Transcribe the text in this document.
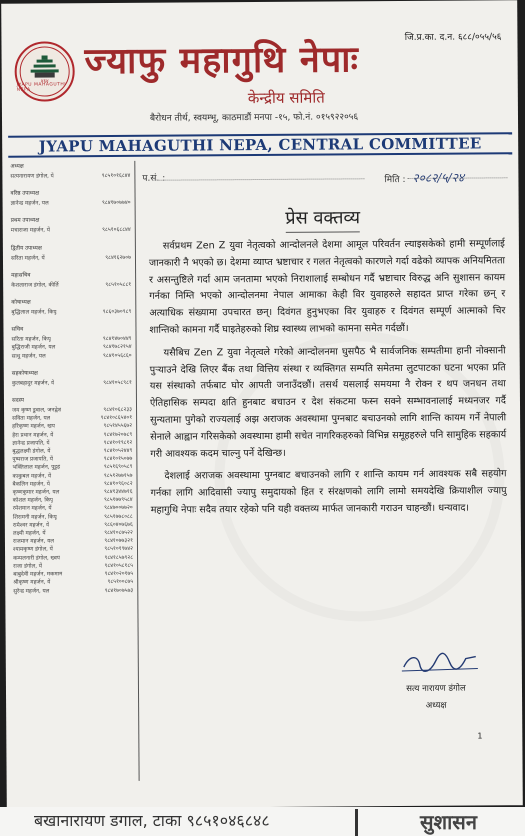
जि.प्र.का. द.न. ६८८/०५५/५६
४६४
JYAPU MAHAGUTHI NEPA
ज्याफु महागुथि नेपाः
केन्द्रीय समिति
बैरोधन तीर्थ, स्वयम्भू, काठमाडौं मनपा -१५, फो.नं. ०१५९२२०५६
JYAPU MAHAGUTHI NEPA, CENTRAL COMMITTEE
अध्यक्ष
सत्यनारायण डंगोल, यें	९८५१०१६८४४
वरिष्ठ उपाध्यक्ष
ज्ञानेन्द्र महर्जन, यल	९८४१७०७७४०
प्रथम उपाध्यक्ष
मचाराजा महर्जन, यें	९८५१०६८८४४
द्वितीय उपाध्यक्ष
सरिता महर्जन, यें	९८४१६२७०७
महासचिव
केशलाराज डंगोल, कीर्ति	९८५१०५८८१
कोषाध्यक्ष
बुद्धिलाल महर्जन, किपू	९८६०३७०९८९
सचिव
सरिता महर्जन, किपू	९८४१४७०४४९
बुद्धिराजी महर्जन, यल	९८४१७८२१५४
साधु महर्जन, यल	९८४१०५६८६०
सहकोषाध्यक्ष
कुलबहादुर महर्जन, यें	९८४१०५८९८१
सदस्य
जय कृष्ण डुवाल, जनद्वेश	९८४१०६८२३३
सविता महर्जन, यल	९८४१०८६५४०१
हरिकृष्ण महर्जन, खप	९८५१४५५६७२
हेरा प्रधान महर्जन, यें	९८४१७२०७८९
ज्ञानेन्द्र प्रजापति, यें	९८४१०१९८१२
बुद्धलक्ष्मी डंगोल, यें	९८४१०५२४४९
पुष्पराज प्रजापति, यें	९८४१०१५०७७
भक्तिलाल महर्जन, पुट्टह	९८५१६९०५८९
काकुबल महर्जन, यें	९८५१२७७१५७
बैकलिन महर्जन, यें	९८४१०९६०८२
कृष्णकुमार महर्जन, यल	९८४१३४४७१६
कोशल महर्जन, किपू	९८५१७७९५८४
रमेशमान महर्जन, यें	९८४७००७७२०
शिरामनी महर्जन, किपू	९८५१७७८०८८
रामेश्वर महर्जन, यें	९८६०४०७६७६
लक्ष्मी महर्जन, यें	९८४१०८७५२२
राजमान महर्जन, यल	९८४१०७७३२१
श्यामकृष्ण डंगोल, यें	९८५१०१९७४२
कम्पलनारी डंगोल, ख्वप	९८४१८५७९२८
राजा डंगोल, यें	९८४१०५८१८५
बाबुदेवी महर्जन, मकमाम	९८४१०२०१७५
श्रीकृष्ण महर्जन, यें	९८५१००८७५
सुरेन्द्र महर्जन, यल	९८४१७०७५७३
प.सं. :	मिति : २०८२/५/२४
प्रेस वक्तव्य

सर्वप्रथम Zen Z युवा नेतृत्वको आन्दोलनले देशमा आमूल परिवर्तन ल्याइसकेको हामी सम्पूर्णलाई जानकारी नै भएको छ। देशमा व्याप्त भ्रष्टाचार र गलत नेतृत्वको कारणले गर्दा वढेको व्यापक अनियमितता र असन्तुष्टिले गर्दा आम जनतामा भएको निराशालाई सम्बोधन गर्दै भ्रष्टाचार विरुद्ध अनि सुशासन कायम गर्नका निम्ति भएको आन्दोलनमा नेपाल आमाका केही विर युवाहरुले सहादत प्राप्त गरेका छन् र अत्याधिक संख्यामा उपचारत छन्। दिवंगत हुनुभएका विर युवाहरु र दिवंगत सम्पूर्ण आत्माको चिर शान्तिको कामना गर्दै घाइतेहरुको शिघ्र स्वास्थ्य लाभको कामना समेत गर्दछौं।

यसैबिच Zen Z युवा नेतृत्वले गरेको आन्दोलनमा घुसपैठ भै सार्वजनिक सम्पतीमा हानी नोक्सानी पुऱ्याउने देखि लिएर बैंक तथा वित्तिय संस्था र व्यक्तिगत सम्पति समेतमा लुटपाटका घटना भएका प्रति यस संस्थाको तर्फबाट घोर आपती जनाउँदछौं। तसर्थ यसलाई समयमा नै रोक्न र थप जनधन तथा ऐतिहासिक सम्पदा क्षति हुनबाट बचाउन र देश संकटमा फस्न सक्ने सम्भावनालाई मध्यनजर गर्दै सुन्यतामा पुगेको राज्यलाई अझ अराजक अवस्थामा पुग्नबाट बचाउनको लागि शान्ति कायम गर्ने नेपाली सेनाले आह्वान गरिसकेको अवस्थामा हामी सचेत नागरिकहरुको विभिन्न समूहहरुले पनि सामुहिक सहकार्य गरी आवश्यक कदम चाल्नु पर्ने देखिन्छ।

देशलाई अराजक अवस्थामा पुग्नबाट बचाउनको लागि र शान्ति कायम गर्न आवश्यक सबै सहयोग गर्नका लागि आदिवासी ज्यापु समुदायको हित र संरक्षणको लागि लामो समयदेखि क्रियाशील ज्यापु महागुथि नेपाः सदैव तयार रहेको पनि यही वक्तव्य मार्फत जानकारी गराउन चाहन्छौं। धन्यवाद।

सत्य नारायण डंगोल
अध्यक्ष
1
बखानारायण डगाल, टाका ९८५१०४६८४८	सुशासन
